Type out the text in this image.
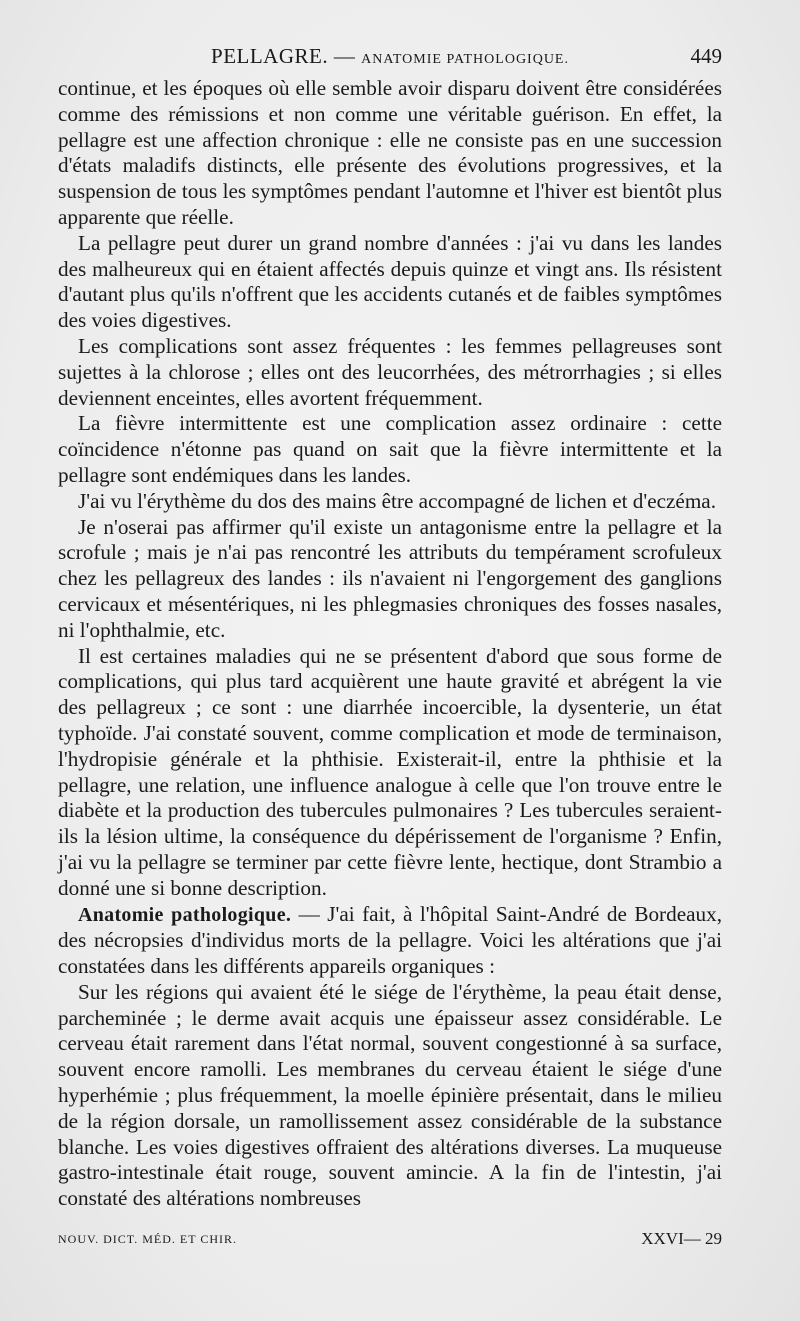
PELLAGRE. — ANATOMIE PATHOLOGIQUE.	449

continue, et les époques où elle semble avoir disparu doivent être considérées comme des rémissions et non comme une véritable guérison. En effet, la pellagre est une affection chronique : elle ne consiste pas en une succession d'états maladifs distincts, elle présente des évolutions progressives, et la suspension de tous les symptômes pendant l'automne et l'hiver est bientôt plus apparente que réelle.

La pellagre peut durer un grand nombre d'années : j'ai vu dans les landes des malheureux qui en étaient affectés depuis quinze et vingt ans. Ils résistent d'autant plus qu'ils n'offrent que les accidents cutanés et de faibles symptômes des voies digestives.

Les complications sont assez fréquentes : les femmes pellagreuses sont sujettes à la chlorose ; elles ont des leucorrhées, des métrorrhagies ; si elles deviennent enceintes, elles avortent fréquemment.

La fièvre intermittente est une complication assez ordinaire : cette coïncidence n'étonne pas quand on sait que la fièvre intermittente et la pellagre sont endémiques dans les landes.

J'ai vu l'érythème du dos des mains être accompagné de lichen et d'eczéma.

Je n'oserai pas affirmer qu'il existe un antagonisme entre la pellagre et la scrofule ; mais je n'ai pas rencontré les attributs du tempérament scrofuleux chez les pellagreux des landes : ils n'avaient ni l'engorgement des ganglions cervicaux et mésentériques, ni les phlegmasies chroniques des fosses nasales, ni l'ophthalmie, etc.

Il est certaines maladies qui ne se présentent d'abord que sous forme de complications, qui plus tard acquièrent une haute gravité et abrégent la vie des pellagreux ; ce sont : une diarrhée incoercible, la dysenterie, un état typhoïde. J'ai constaté souvent, comme complication et mode de terminaison, l'hydropisie générale et la phthisie. Existerait-il, entre la phthisie et la pellagre, une relation, une influence analogue à celle que l'on trouve entre le diabète et la production des tubercules pulmonaires ? Les tubercules seraient-ils la lésion ultime, la conséquence du dépérissement de l'organisme ? Enfin, j'ai vu la pellagre se terminer par cette fièvre lente, hectique, dont Strambio a donné une si bonne description.

Anatomie pathologique. — J'ai fait, à l'hôpital Saint-André de Bordeaux, des nécropsies d'individus morts de la pellagre. Voici les altérations que j'ai constatées dans les différents appareils organiques :

Sur les régions qui avaient été le siége de l'érythème, la peau était dense, parcheminée ; le derme avait acquis une épaisseur assez considérable. Le cerveau était rarement dans l'état normal, souvent congestionné à sa surface, souvent encore ramolli. Les membranes du cerveau étaient le siége d'une hyperhémie ; plus fréquemment, la moelle épinière présentait, dans le milieu de la région dorsale, un ramollissement assez considérable de la substance blanche. Les voies digestives offraient des altérations diverses. La muqueuse gastro-intestinale était rouge, souvent amincie. A la fin de l'intestin, j'ai constaté des altérations nombreuses

NOUV. DICT. MÉD. ET CHIR.	XXVI— 29
